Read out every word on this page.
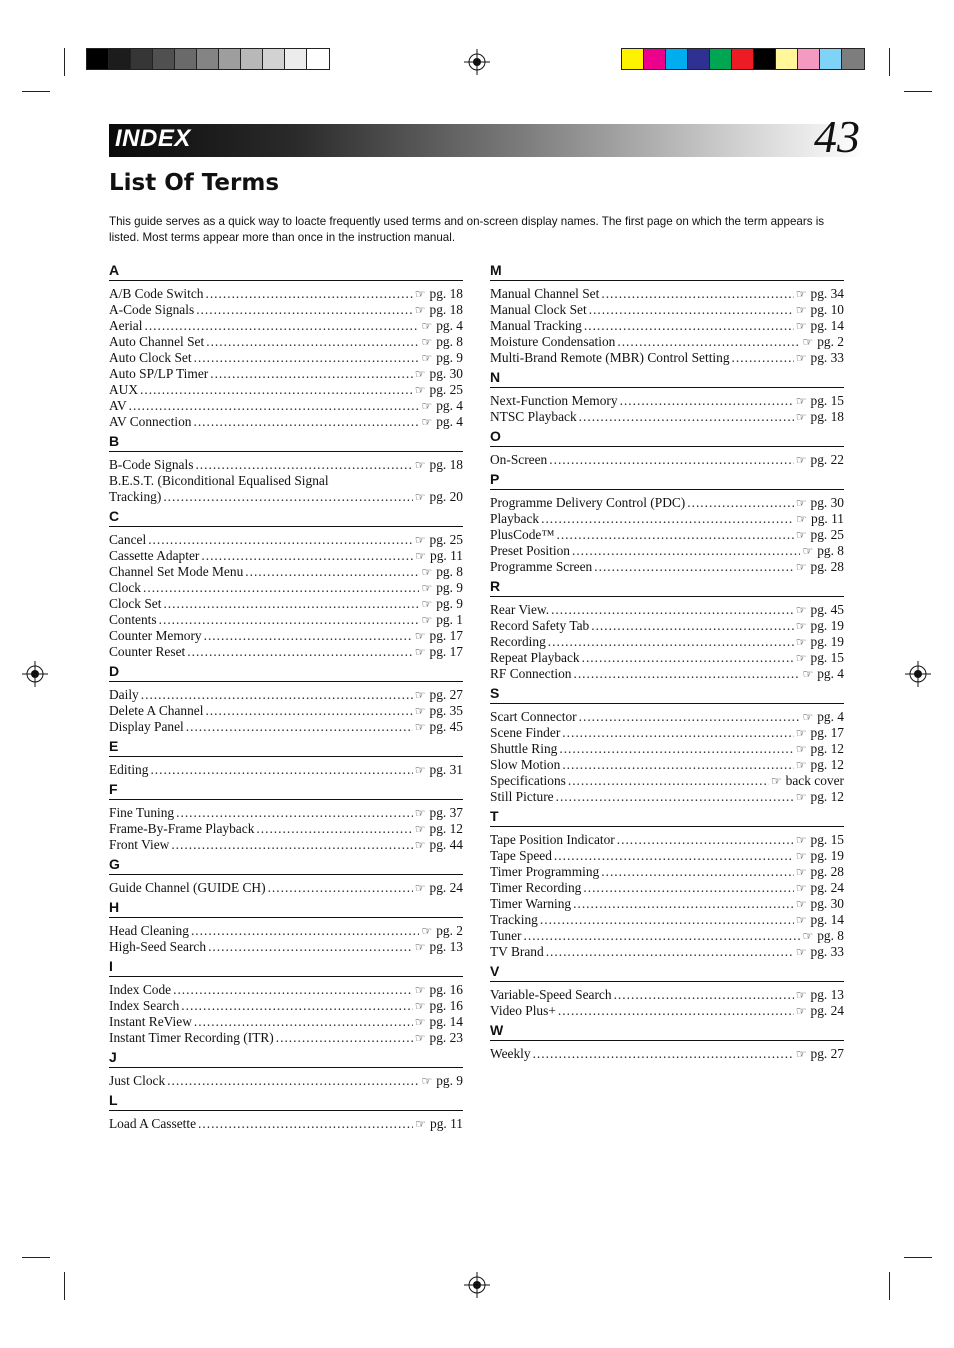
INDEX	43
List Of Terms

This guide serves as a quick way to loacte frequently used terms and on-screen display names. The first page on which the term appears is listed. Most terms appear more than once in the instruction manual.

A
A/B Code Switch .....	☞ pg. 18
A-Code Signals .....	☞ pg. 18
Aerial .....	☞ pg. 4
Auto Channel Set .....	☞ pg. 8
Auto Clock Set .....	☞ pg. 9
Auto SP/LP Timer .....	☞ pg. 30
AUX .....	☞ pg. 25
AV .....	☞ pg. 4
AV Connection .....	☞ pg. 4
B
B-Code Signals .....	☞ pg. 18
B.E.S.T. (Biconditional Equalised Signal
Tracking) .....	☞ pg. 20
C
Cancel .....	☞ pg. 25
Cassette Adapter .....	☞ pg. 11
Channel Set Mode Menu .....	☞ pg. 8
Clock .....	☞ pg. 9
Clock Set .....	☞ pg. 9
Contents .....	☞ pg. 1
Counter Memory .....	☞ pg. 17
Counter Reset .....	☞ pg. 17
D
Daily .....	☞ pg. 27
Delete A Channel .....	☞ pg. 35
Display Panel .....	☞ pg. 45
E
Editing .....	☞ pg. 31
F
Fine Tuning .....	☞ pg. 37
Frame-By-Frame Playback .....	☞ pg. 12
Front View .....	☞ pg. 44
G
Guide Channel (GUIDE CH) .....	☞ pg. 24
H
Head Cleaning .....	☞ pg. 2
High-Seed Search .....	☞ pg. 13
I
Index Code .....	☞ pg. 16
Index Search .....	☞ pg. 16
Instant ReView .....	☞ pg. 14
Instant Timer Recording (ITR) .....	☞ pg. 23
J
Just Clock .....	☞ pg. 9
L
Load A Cassette .....	☞ pg. 11
M
Manual Channel Set .....	☞ pg. 34
Manual Clock Set .....	☞ pg. 10
Manual Tracking .....	☞ pg. 14
Moisture Condensation .....	☞ pg. 2
Multi-Brand Remote (MBR) Control Setting .....	☞ pg. 33
N
Next-Function Memory .....	☞ pg. 15
NTSC Playback .....	☞ pg. 18
O
On-Screen .....	☞ pg. 22
P
Programme Delivery Control (PDC) .....	☞ pg. 30
Playback .....	☞ pg. 11
PlusCode™ .....	☞ pg. 25
Preset Position .....	☞ pg. 8
Programme Screen .....	☞ pg. 28
R
Rear View. .....	☞ pg. 45
Record Safety Tab .....	☞ pg. 19
Recording .....	☞ pg. 19
Repeat Playback .....	☞ pg. 15
RF Connection .....	☞ pg. 4
S
Scart Connector .....	☞ pg. 4
Scene Finder .....	☞ pg. 17
Shuttle Ring .....	☞ pg. 12
Slow Motion .....	☞ pg. 12
Specifications .....	☞ back cover
Still Picture .....	☞ pg. 12
T
Tape Position Indicator .....	☞ pg. 15
Tape Speed .....	☞ pg. 19
Timer Programming .....	☞ pg. 28
Timer Recording .....	☞ pg. 24
Timer Warning .....	☞ pg. 30
Tracking .....	☞ pg. 14
Tuner .....	☞ pg. 8
TV Brand .....	☞ pg. 33
V
Variable-Speed Search .....	☞ pg. 13
Video Plus+ .....	☞ pg. 24
W
Weekly .....	☞ pg. 27
